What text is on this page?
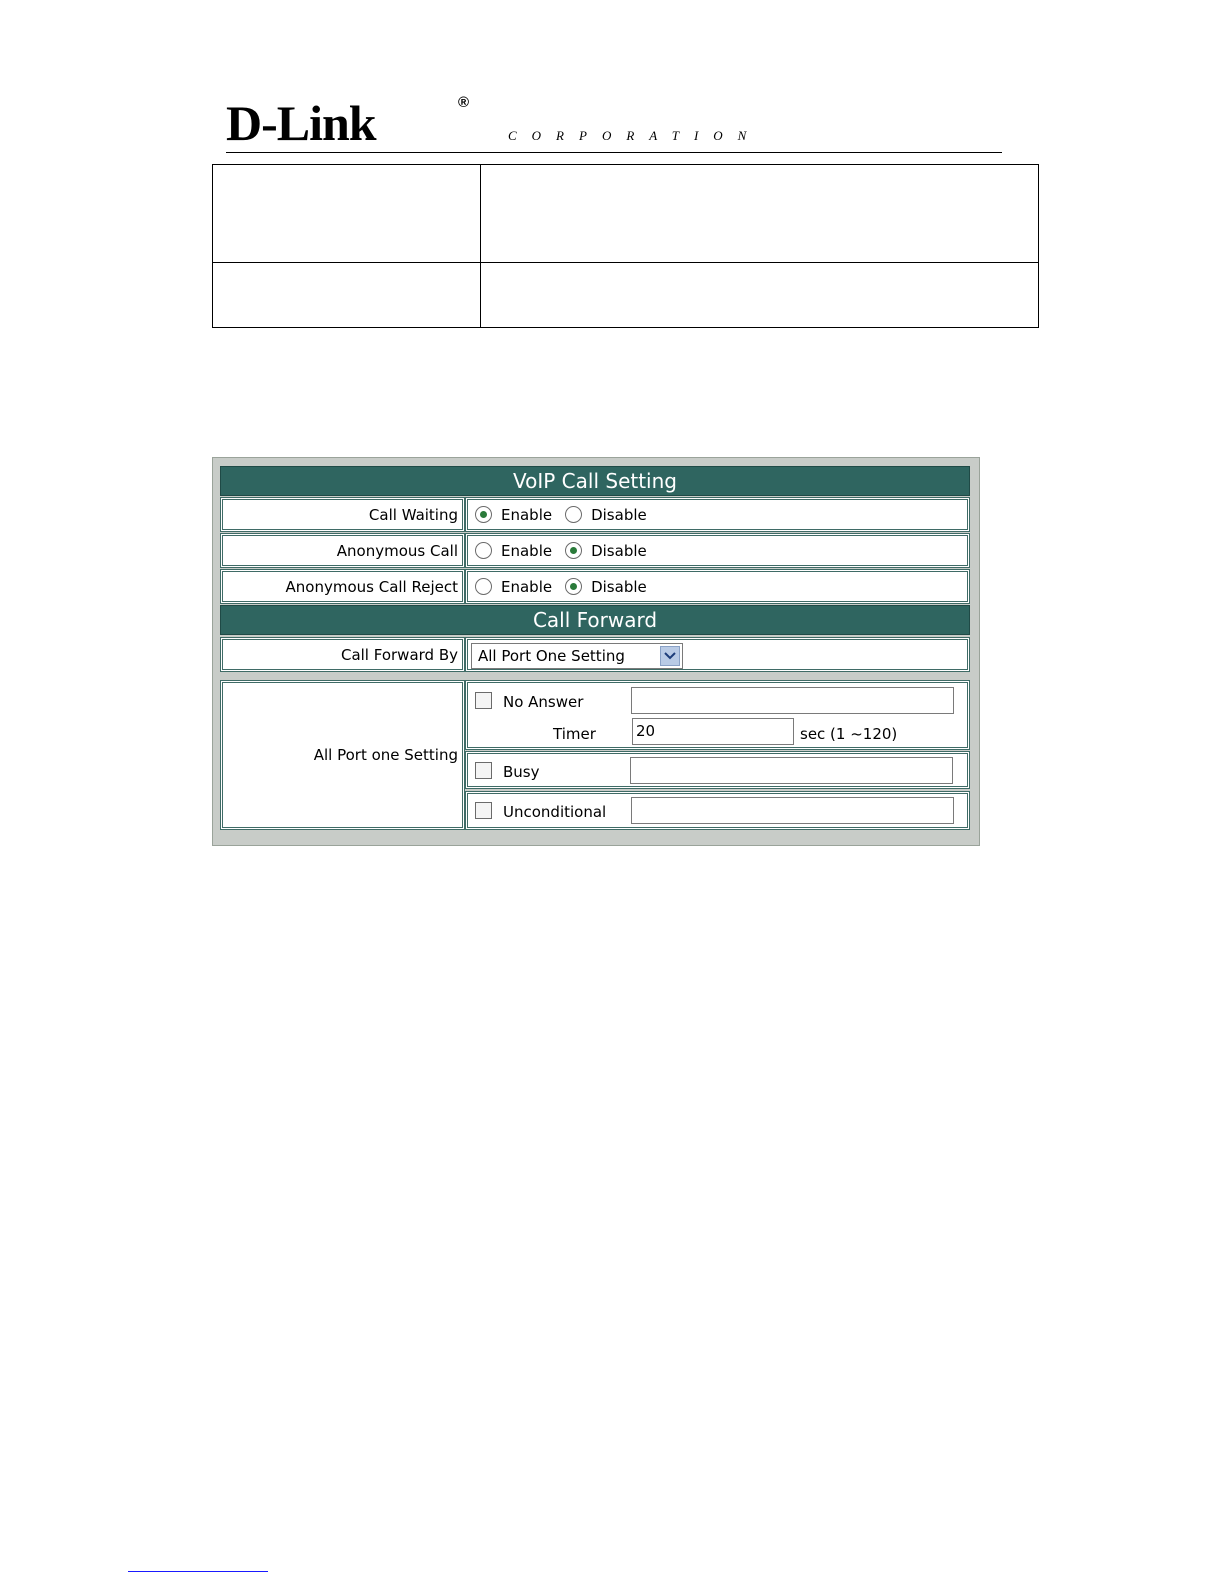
D-Link	®
CORPORATION

VoIP Call Setting
Call Waiting	Enable	Disable
Anonymous Call	Enable	Disable
Anonymous Call Reject	Enable	Disable
Call Forward
Call Forward By	All Port One Setting
All Port one Setting
No Answer
Timer	20	sec (1 ~120)
Busy
Unconditional
